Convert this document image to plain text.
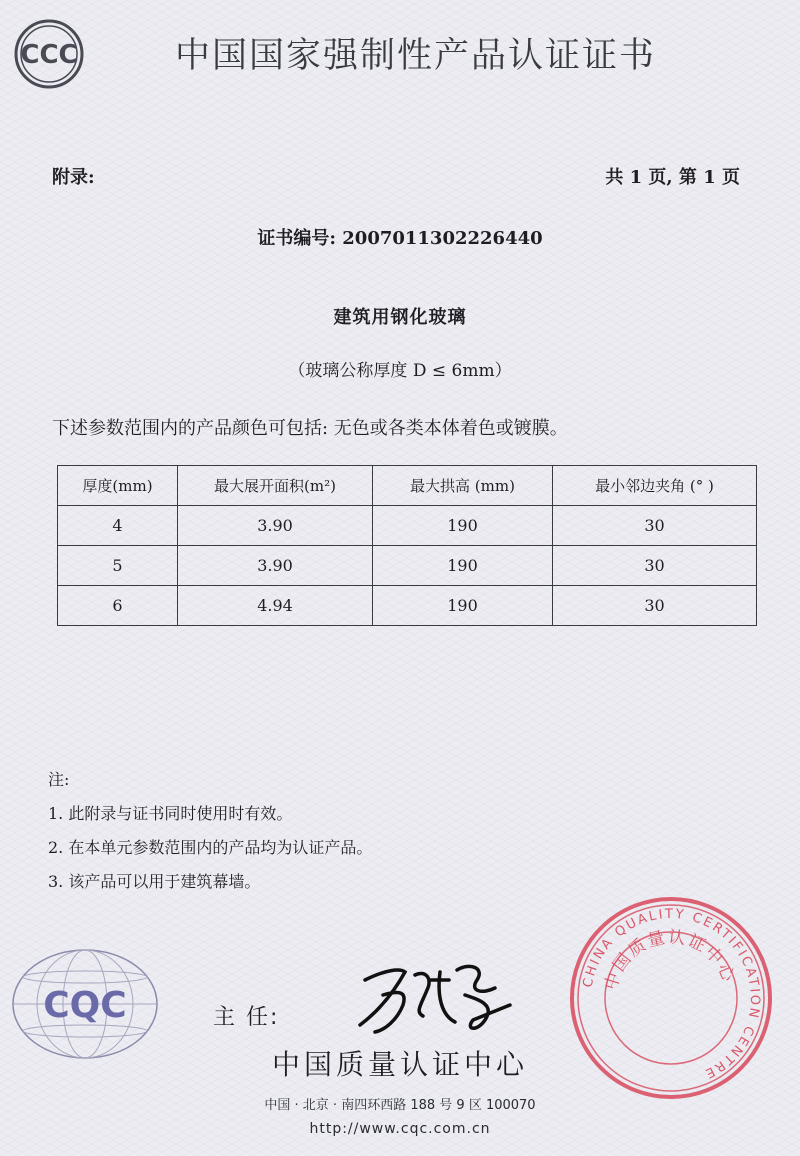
CCC	中国国家强制性产品认证证书
附录:	共 1 页, 第 1 页
证书编号: 2007011302226440
建筑用钢化玻璃
（玻璃公称厚度 D ≤ 6mm）
下述参数范围内的产品颜色可包括: 无色或各类本体着色或镀膜。
厚度(mm)	最大展开面积(m²)	最大拱高 (mm)	最小邻边夹角 (° )
4	3.90	190	30
5	3.90	190	30
6	4.94	190	30
注:
1. 此附录与证书同时使用时有效。
2. 在本单元参数范围内的产品均为认证产品。
3. 该产品可以用于建筑幕墙。
CQC	主 任:
中国质量认证中心
中国 · 北京 · 南四环西路 188 号 9 区 100070
http://www.cqc.com.cn
CHINA QUALITY CERTIFICATION CENTRE
中国质量认证中心
